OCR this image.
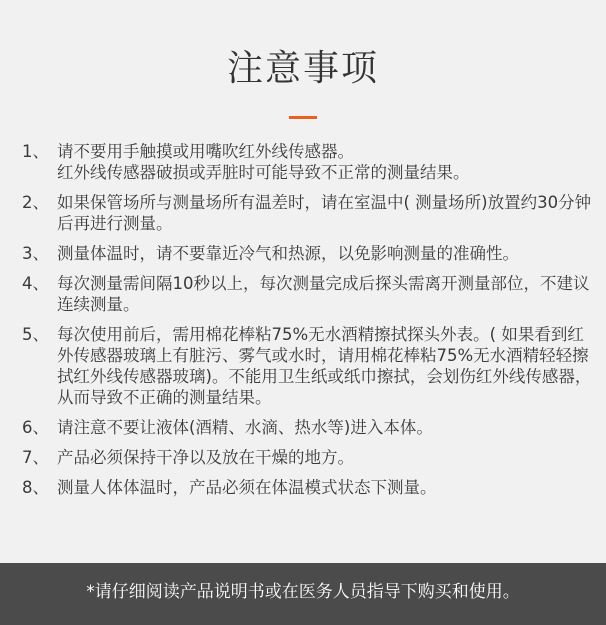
注意事项
1、 请不要用手触摸或用嘴吹红外线传感器。
红外线传感器破损或弄脏时可能导致不正常的测量结果。
2、 如果保管场所与测量场所有温差时，请在室温中( 测量场所)放置约30分钟后再进行测量。
3、 测量体温时，请不要靠近冷气和热源，以免影响测量的准确性。
4、 每次测量需间隔10秒以上，每次测量完成后探头需离开测量部位，不建议连续测量。
5、 每次使用前后，需用棉花棒粘75%无水酒精擦拭探头外表。( 如果看到红外传感器玻璃上有脏污、雾气或水时，请用棉花棒粘75%无水酒精轻轻擦拭红外线传感器玻璃)。不能用卫生纸或纸巾擦拭，会划伤红外线传感器，从而导致不正确的测量结果。
6、 请注意不要让液体(酒精、水滴、热水等)进入本体。
7、 产品必须保持干净以及放在干燥的地方。
8、 测量人体体温时，产品必须在体温模式状态下测量。
*请仔细阅读产品说明书或在医务人员指导下购买和使用。
